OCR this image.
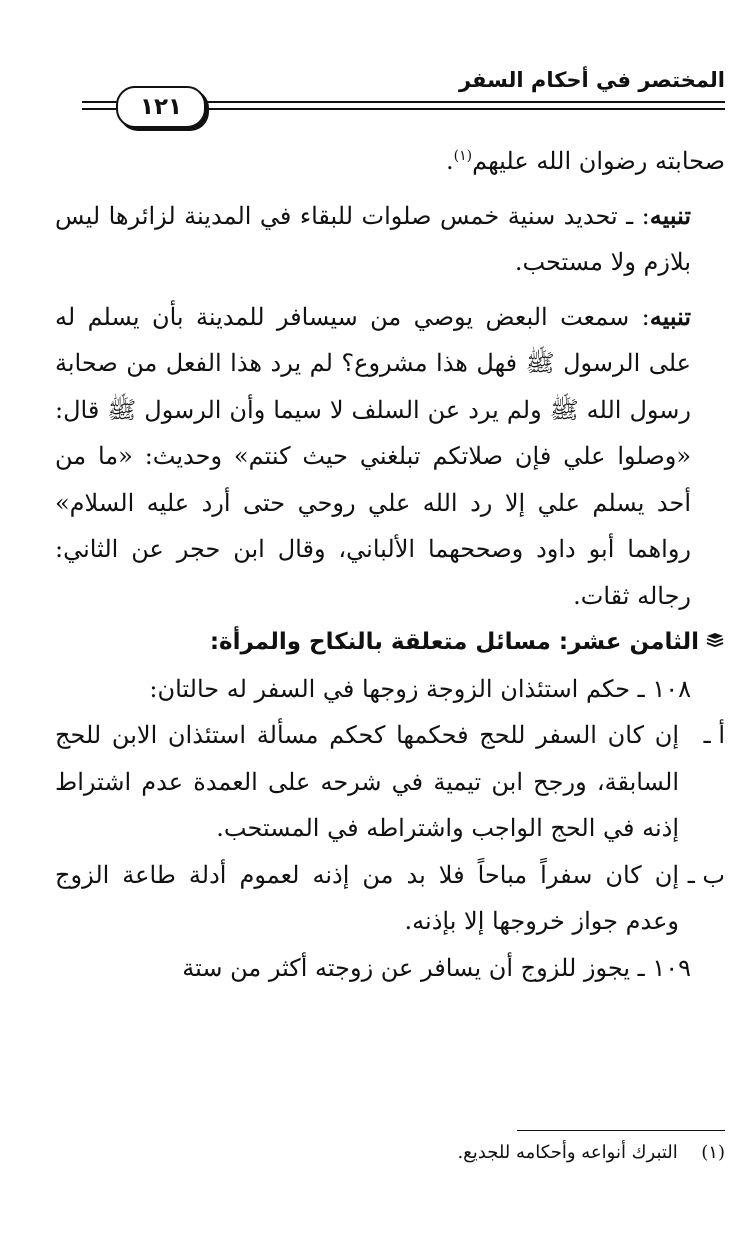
المختصر في أحكام السفر
١٢١

صحابته رضوان الله عليهم$^{(١)}$.

تنبيه: ـ تحديد سنية خمس صلوات للبقاء في المدينة لزائرها ليس بلازم ولا مستحب.

تنبيه: سمعت البعض يوصي من سيسافر للمدينة بأن يسلم له على الرسول ﷺ فهل هذا مشروع؟ لم يرد هذا الفعل من صحابة رسول الله ﷺ ولم يرد عن السلف لا سيما وأن الرسول ﷺ قال: «وصلوا علي فإن صلاتكم تبلغني حيث كنتم» وحديث: «ما من أحد يسلم علي إلا رد الله علي روحي حتى أرد عليه السلام» رواهما أبو داود وصححهما الألباني، وقال ابن حجر عن الثاني: رجاله ثقات.

الثامن عشر: مسائل متعلقة بالنكاح والمرأة:

١٠٨ ـ حكم استئذان الزوجة زوجها في السفر له حالتان:

أ ـ
إن كان السفر للحج فحكمها كحكم مسألة استئذان الابن للحج السابقة، ورجح ابن تيمية في شرحه على العمدة عدم اشتراط إذنه في الحج الواجب واشتراطه في المستحب.
ب ـ
إن كان سفراً مباحاً فلا بد من إذنه لعموم أدلة طاعة الزوج وعدم جواز خروجها إلا بإذنه.

١٠٩ ـ يجوز للزوج أن يسافر عن زوجته أكثر من ستة

(١)  التبرك أنواعه وأحكامه للجديع.
